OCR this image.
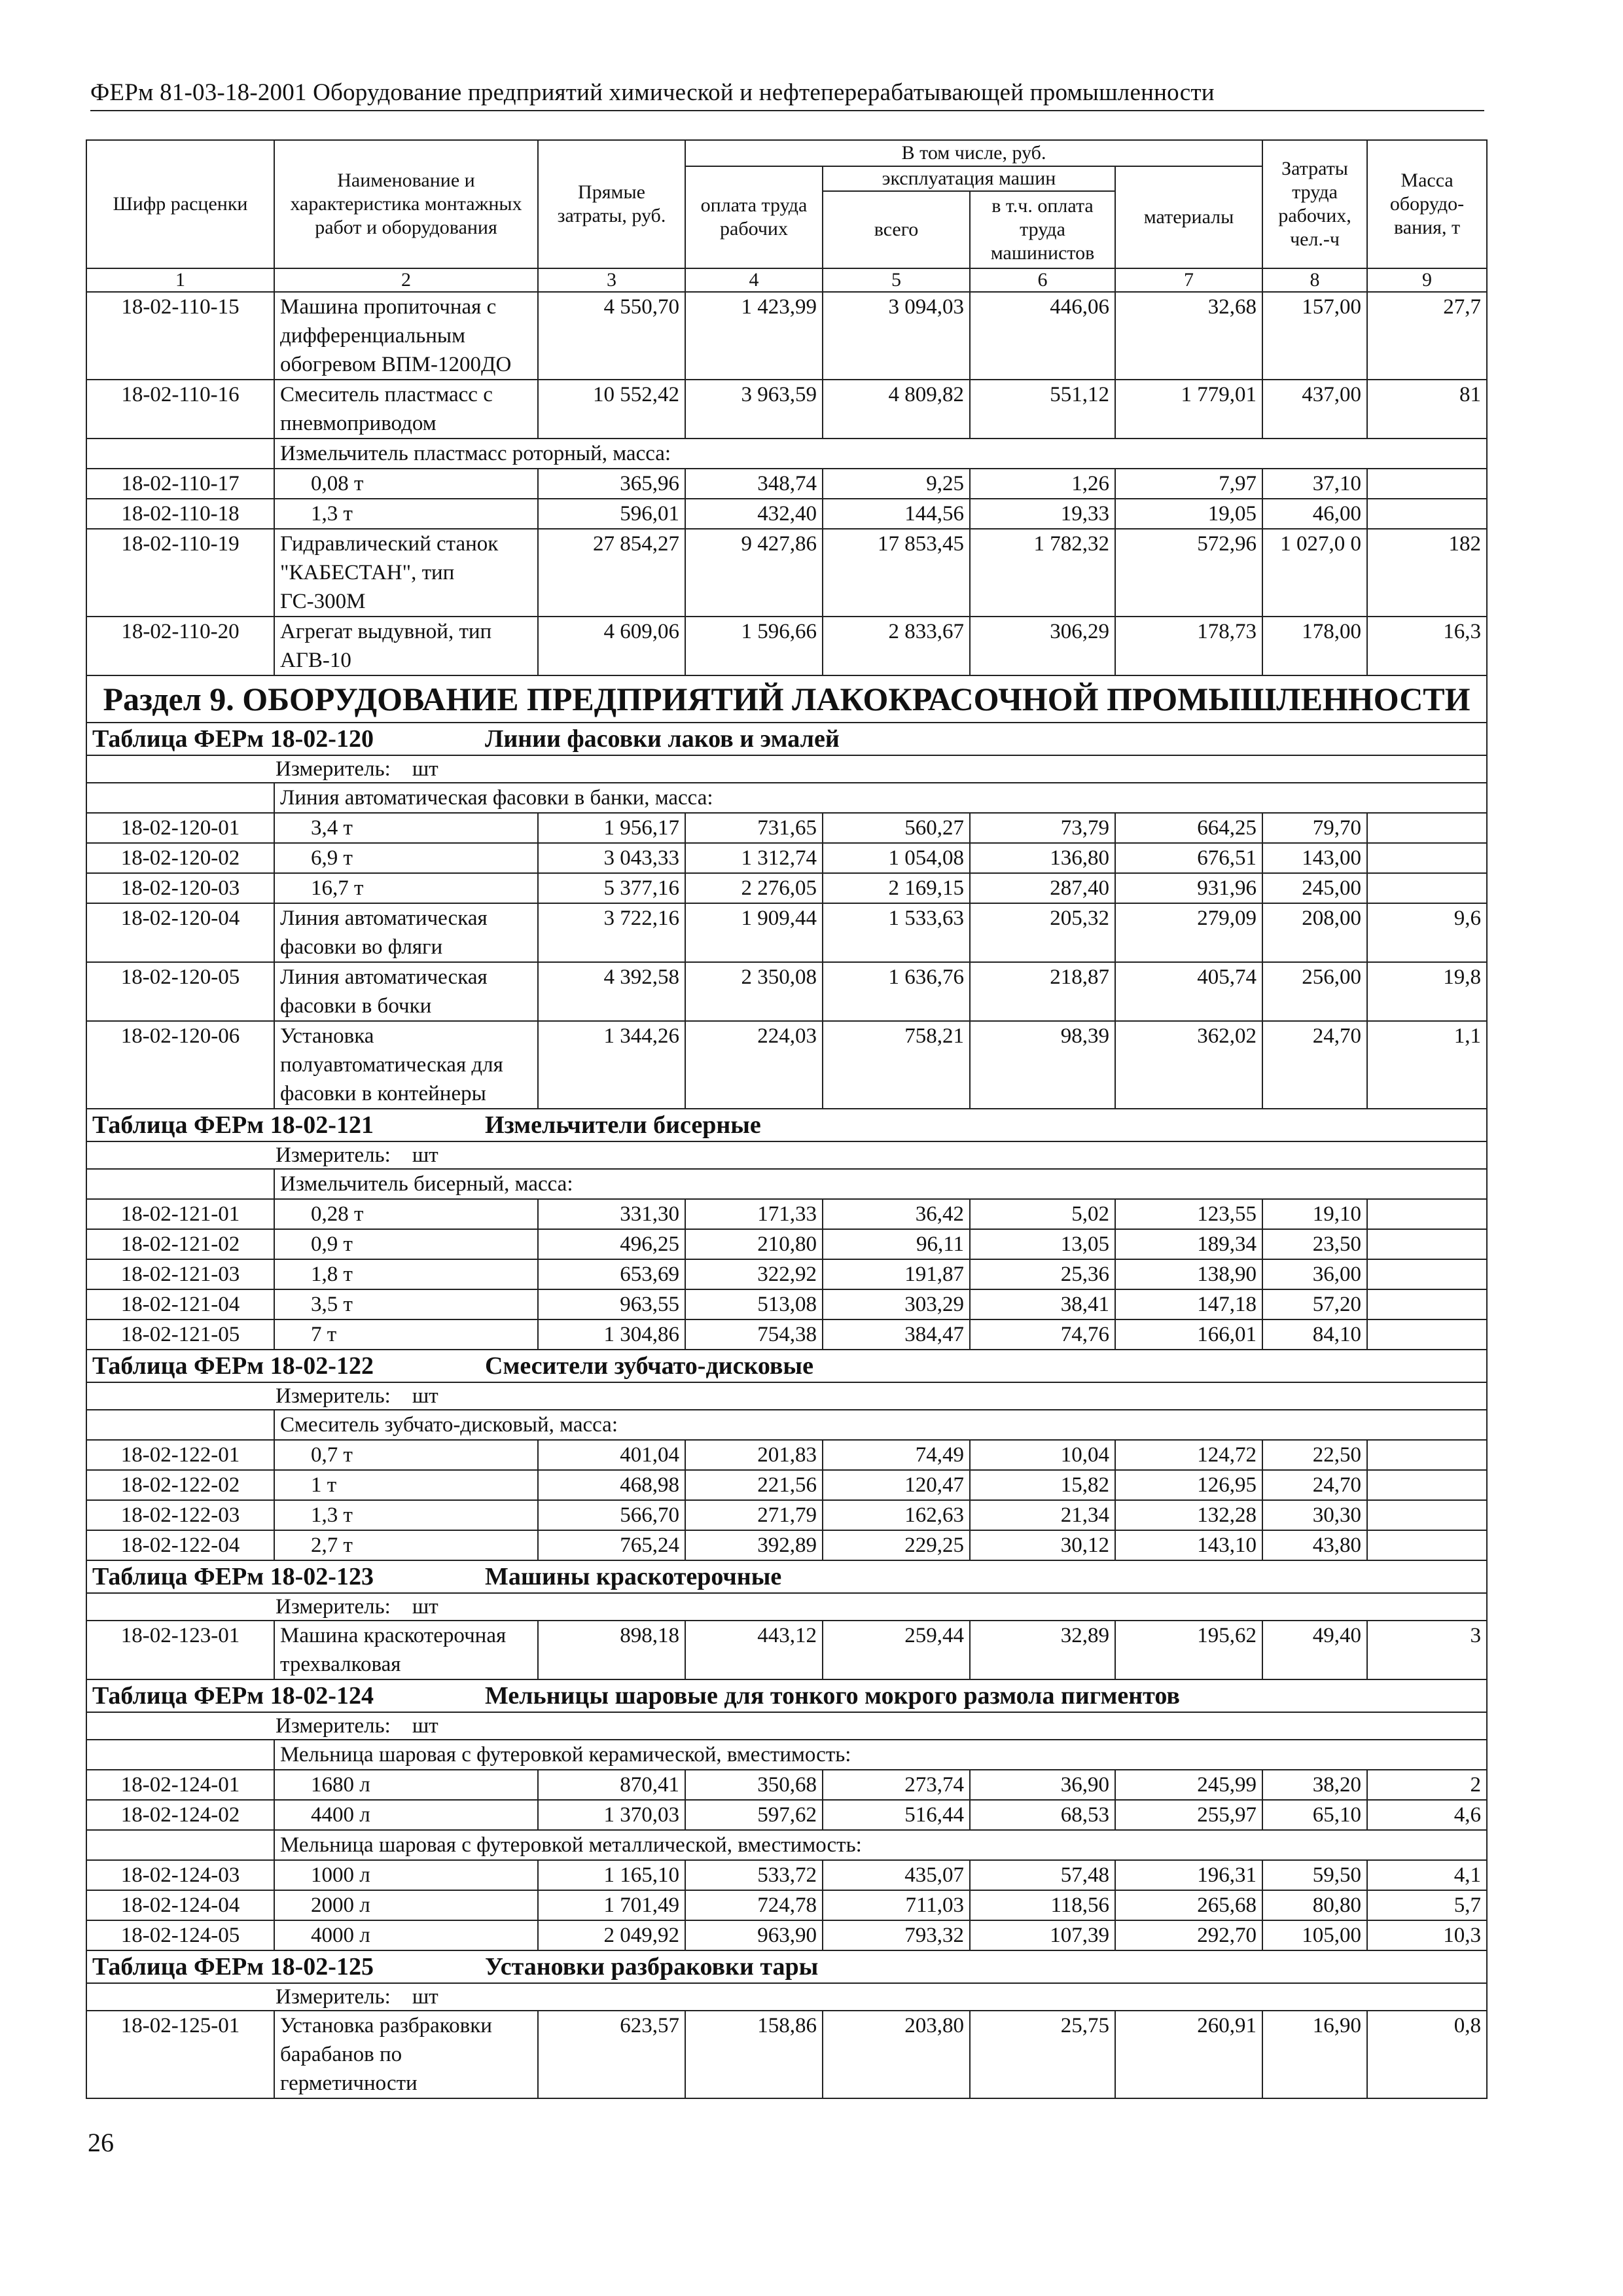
ФЕРм 81-03-18-2001 Оборудование предприятий химической и нефтеперерабатывающей промышленности
Шифр расценки	Наименование и характеристика монтажных работ и оборудования	Прямые затраты, руб.	В том числе, руб.				Затраты труда рабочих, чел.-ч	Масса оборудо-вания, т
			оплата труда рабочих	эксплуатация машин		материалы		
				всего	в т.ч. оплата труда машинистов			
1	2	3	4	5	6	7	8	9
18-02-110-15	Машина пропиточная с дифференциальным обогревом ВПМ-1200ДО	4 550,70	1 423,99	3 094,03	446,06	32,68	157,00	27,7
18-02-110-16	Смеситель пластмасс с пневмоприводом	10 552,42	3 963,59	4 809,82	551,12	1 779,01	437,00	81
	Измельчитель пластмасс роторный, масса:							
18-02-110-17	0,08 т	365,96	348,74	9,25	1,26	7,97	37,10	
18-02-110-18	1,3 т	596,01	432,40	144,56	19,33	19,05	46,00	
18-02-110-19	Гидравлический станок "КАБЕСТАН", тип ГС-300М	27 854,27	9 427,86	17 853,45	1 782,32	572,96	1 027,0 0	182
18-02-110-20	Агрегат выдувной, тип АГВ-10	4 609,06	1 596,66	2 833,67	306,29	178,73	178,00	16,3
Раздел 9. ОБОРУДОВАНИЕ ПРЕДПРИЯТИЙ ЛАКОКРАСОЧНОЙ ПРОМЫШЛЕННОСТИ								
Таблица ФЕРм 18-02-120 Линии фасовки лаков и эмалей								
Измеритель: шт								
	Линия автоматическая фасовки в банки, масса:							
18-02-120-01	3,4 т	1 956,17	731,65	560,27	73,79	664,25	79,70	
18-02-120-02	6,9 т	3 043,33	1 312,74	1 054,08	136,80	676,51	143,00	
18-02-120-03	16,7 т	5 377,16	2 276,05	2 169,15	287,40	931,96	245,00	
18-02-120-04	Линия автоматическая фасовки во фляги	3 722,16	1 909,44	1 533,63	205,32	279,09	208,00	9,6
18-02-120-05	Линия автоматическая фасовки в бочки	4 392,58	2 350,08	1 636,76	218,87	405,74	256,00	19,8
18-02-120-06	Установка полуавтоматическая для фасовки в контейнеры	1 344,26	224,03	758,21	98,39	362,02	24,70	1,1
Таблица ФЕРм 18-02-121 Измельчители бисерные								
Измеритель: шт								
	Измельчитель бисерный, масса:							
18-02-121-01	0,28 т	331,30	171,33	36,42	5,02	123,55	19,10	
18-02-121-02	0,9 т	496,25	210,80	96,11	13,05	189,34	23,50	
18-02-121-03	1,8 т	653,69	322,92	191,87	25,36	138,90	36,00	
18-02-121-04	3,5 т	963,55	513,08	303,29	38,41	147,18	57,20	
18-02-121-05	7 т	1 304,86	754,38	384,47	74,76	166,01	84,10	
Таблица ФЕРм 18-02-122 Смесители зубчато-дисковые								
Измеритель: шт								
	Смеситель зубчато-дисковый, масса:							
18-02-122-01	0,7 т	401,04	201,83	74,49	10,04	124,72	22,50	
18-02-122-02	1 т	468,98	221,56	120,47	15,82	126,95	24,70	
18-02-122-03	1,3 т	566,70	271,79	162,63	21,34	132,28	30,30	
18-02-122-04	2,7 т	765,24	392,89	229,25	30,12	143,10	43,80	
Таблица ФЕРм 18-02-123 Машины краскотерочные								
Измеритель: шт								
18-02-123-01	Машина краскотерочная трехвалковая	898,18	443,12	259,44	32,89	195,62	49,40	3
Таблица ФЕРм 18-02-124 Мельницы шаровые для тонкого мокрого размола пигментов								
Измеритель: шт								
	Мельница шаровая с футеровкой керамической, вместимость:							
18-02-124-01	1680 л	870,41	350,68	273,74	36,90	245,99	38,20	2
18-02-124-02	4400 л	1 370,03	597,62	516,44	68,53	255,97	65,10	4,6
	Мельница шаровая с футеровкой металлической, вместимость:							
18-02-124-03	1000 л	1 165,10	533,72	435,07	57,48	196,31	59,50	4,1
18-02-124-04	2000 л	1 701,49	724,78	711,03	118,56	265,68	80,80	5,7
18-02-124-05	4000 л	2 049,92	963,90	793,32	107,39	292,70	105,00	10,3
Таблица ФЕРм 18-02-125 Установки разбраковки тары								
Измеритель: шт								
18-02-125-01	Установка разбраковки барабанов по герметичности	623,57	158,86	203,80	25,75	260,91	16,90	0,8
26
